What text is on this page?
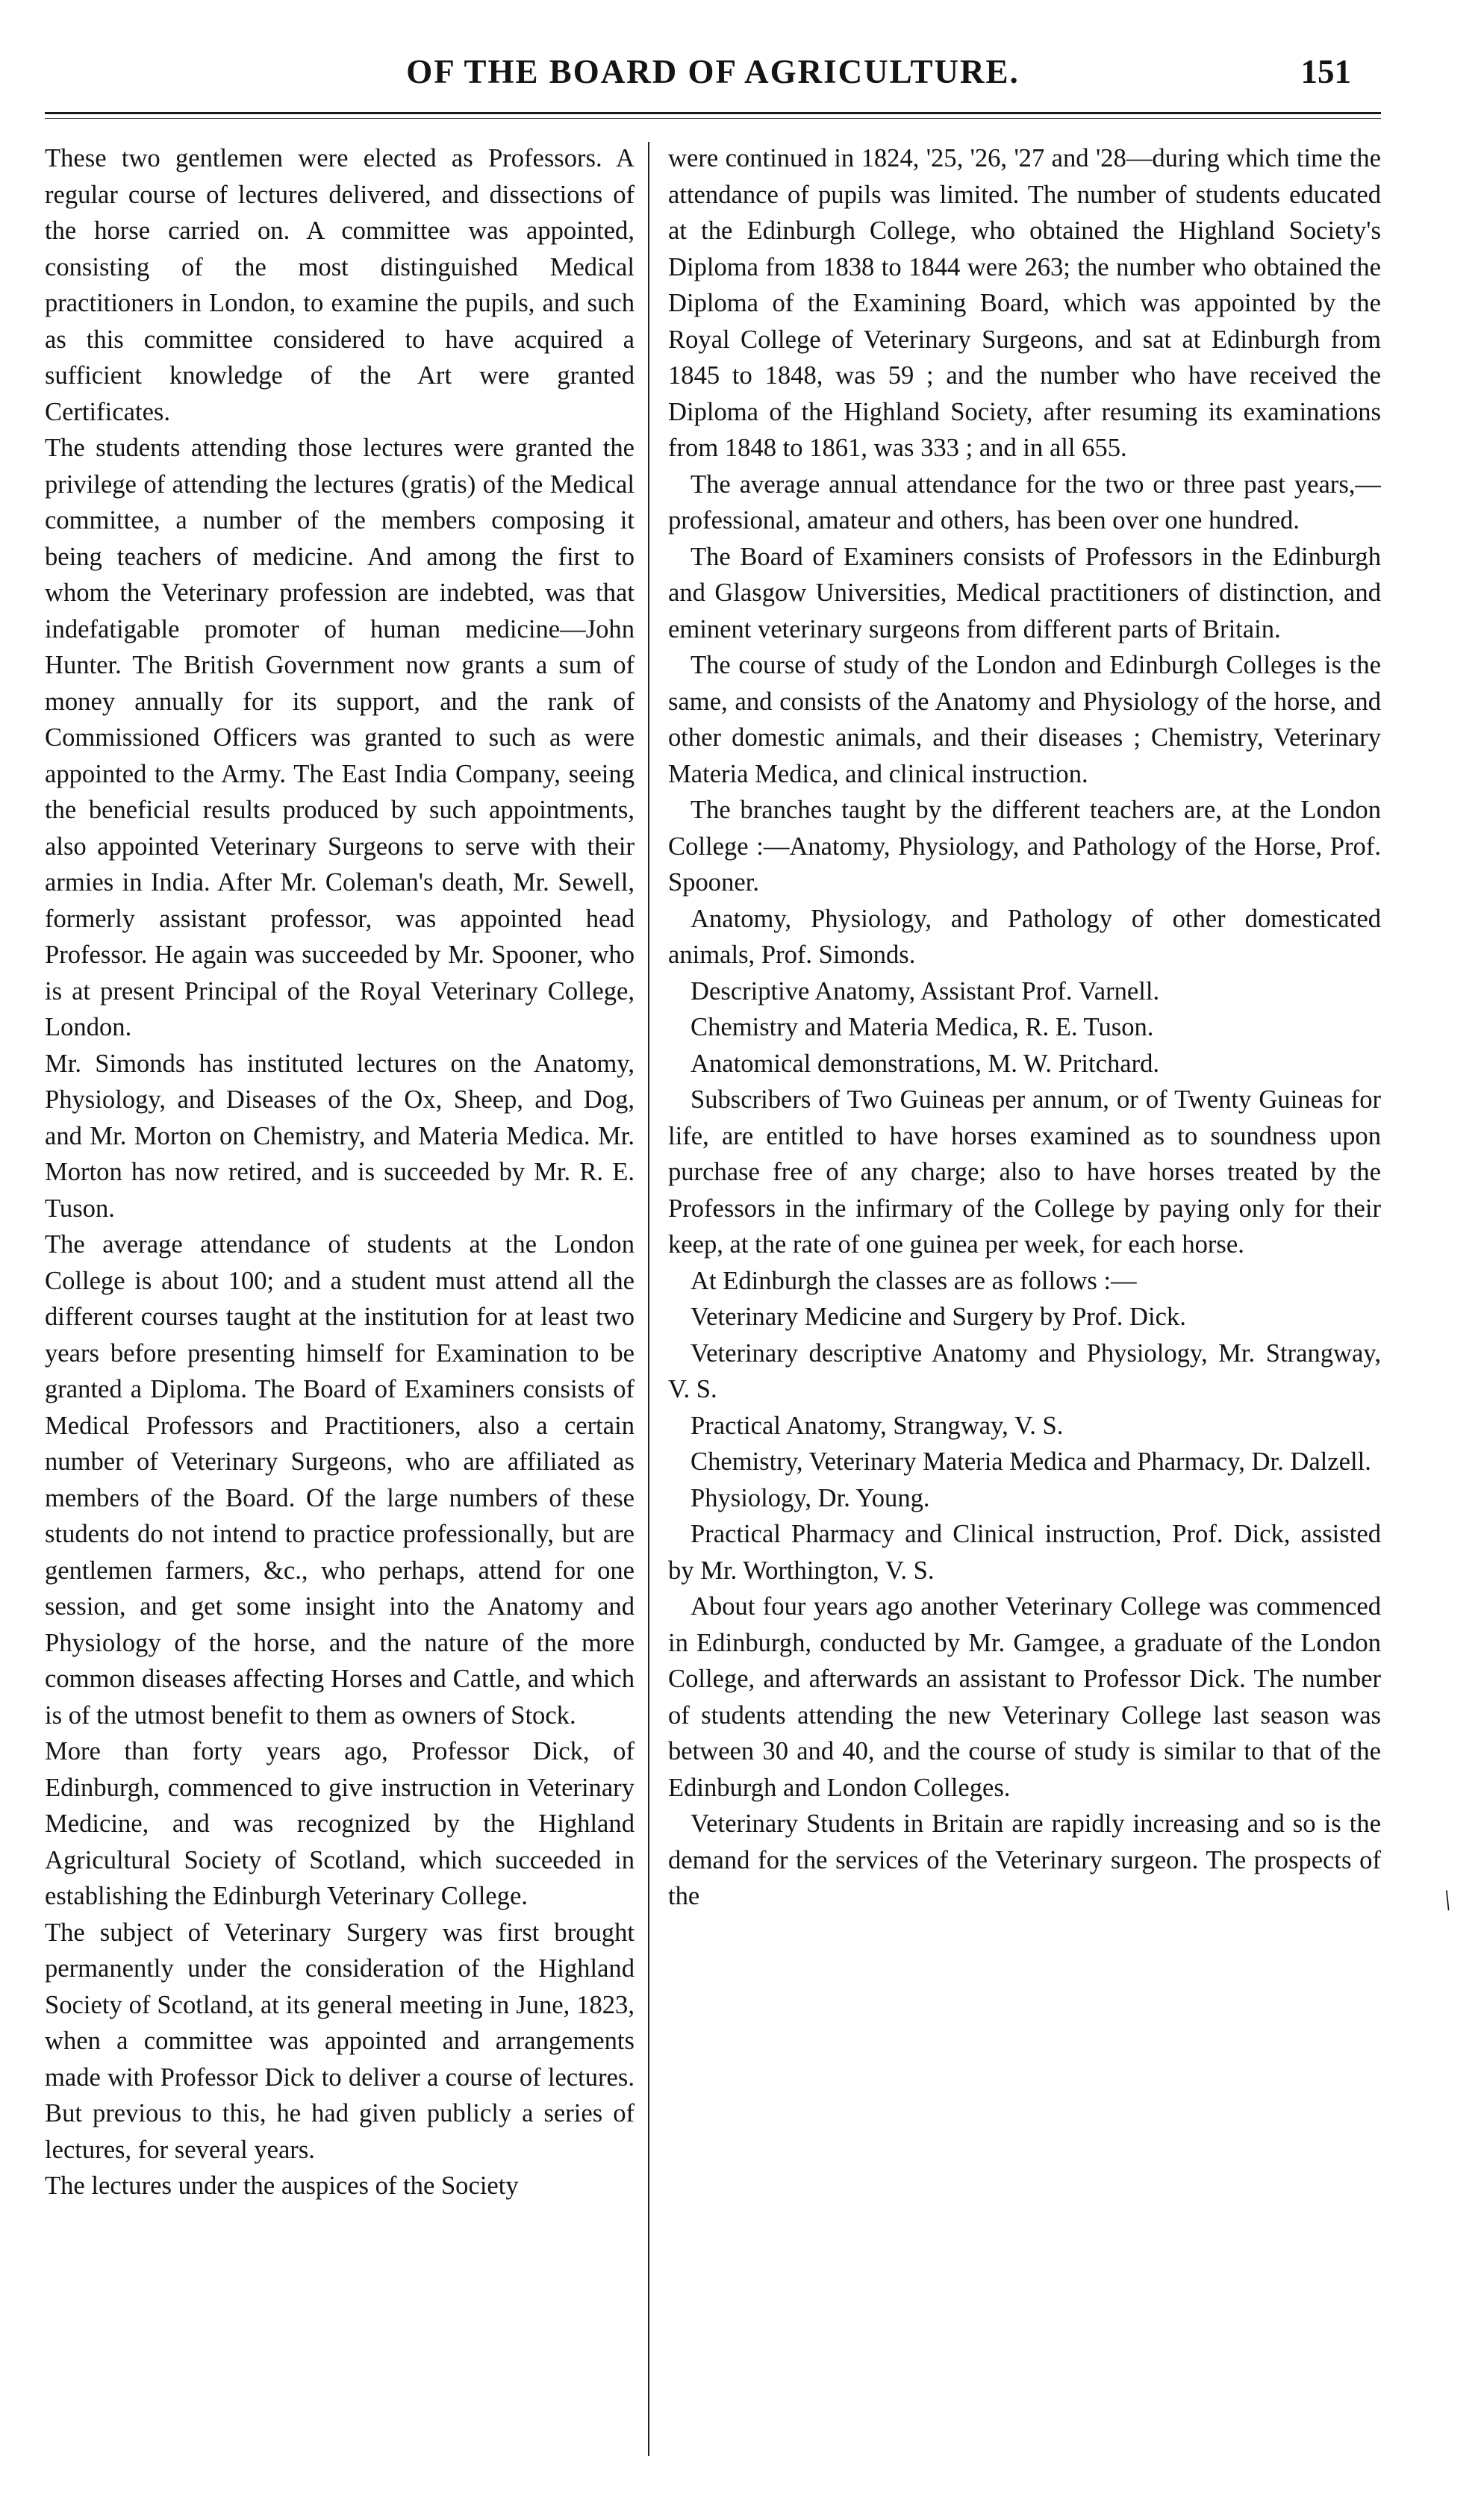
OF THE BOARD OF AGRICULTURE.	151

These two gentlemen were elected as Professors. A regular course of lectures delivered, and dissections of the horse carried on. A committee was appointed, consisting of the most distinguished Medical practitioners in London, to examine the pupils, and such as this committee considered to have acquired a sufficient knowledge of the Art were granted Certificates.

The students attending those lectures were granted the privilege of attending the lectures (gratis) of the Medical committee, a number of the members composing it being teachers of medicine. And among the first to whom the Veterinary profession are indebted, was that indefatigable promoter of human medicine—John Hunter. The British Government now grants a sum of money annually for its support, and the rank of Commissioned Officers was granted to such as were appointed to the Army. The East India Company, seeing the beneficial results produced by such appointments, also appointed Veterinary Surgeons to serve with their armies in India. After Mr. Coleman's death, Mr. Sewell, formerly assistant professor, was appointed head Professor. He again was succeeded by Mr. Spooner, who is at present Principal of the Royal Veterinary College, London.

Mr. Simonds has instituted lectures on the Anatomy, Physiology, and Diseases of the Ox, Sheep, and Dog, and Mr. Morton on Chemistry, and Materia Medica. Mr. Morton has now retired, and is succeeded by Mr. R. E. Tuson.

The average attendance of students at the London College is about 100; and a student must attend all the different courses taught at the institution for at least two years before presenting himself for Examination to be granted a Diploma. The Board of Examiners consists of Medical Professors and Practitioners, also a certain number of Veterinary Surgeons, who are affiliated as members of the Board. Of the large numbers of these students do not intend to practice professionally, but are gentlemen farmers, &c., who perhaps, attend for one session, and get some insight into the Anatomy and Physiology of the horse, and the nature of the more common diseases affecting Horses and Cattle, and which is of the utmost benefit to them as owners of Stock.

More than forty years ago, Professor Dick, of Edinburgh, commenced to give instruction in Veterinary Medicine, and was recognized by the Highland Agricultural Society of Scotland, which succeeded in establishing the Edinburgh Veterinary College.

The subject of Veterinary Surgery was first brought permanently under the consideration of the Highland Society of Scotland, at its general meeting in June, 1823, when a committee was appointed and arrangements made with Professor Dick to deliver a course of lectures. But previous to this, he had given publicly a series of lectures, for several years.

The lectures under the auspices of the Society

were continued in 1824, '25, '26, '27 and '28—during which time the attendance of pupils was limited. The number of students educated at the Edinburgh College, who obtained the Highland Society's Diploma from 1838 to 1844 were 263; the number who obtained the Diploma of the Examining Board, which was appointed by the Royal College of Veterinary Surgeons, and sat at Edinburgh from 1845 to 1848, was 59 ; and the number who have received the Diploma of the Highland Society, after resuming its examinations from 1848 to 1861, was 333 ; and in all 655.

The average annual attendance for the two or three past years,—professional, amateur and others, has been over one hundred.

The Board of Examiners consists of Professors in the Edinburgh and Glasgow Universities, Medical practitioners of distinction, and eminent veterinary surgeons from different parts of Britain.

The course of study of the London and Edinburgh Colleges is the same, and consists of the Anatomy and Physiology of the horse, and other domestic animals, and their diseases ; Chemistry, Veterinary Materia Medica, and clinical instruction.

The branches taught by the different teachers are, at the London College :—Anatomy, Physiology, and Pathology of the Horse, Prof. Spooner.

Anatomy, Physiology, and Pathology of other domesticated animals, Prof. Simonds.

Descriptive Anatomy, Assistant Prof. Varnell.

Chemistry and Materia Medica, R. E. Tuson.

Anatomical demonstrations, M. W. Pritchard.

Subscribers of Two Guineas per annum, or of Twenty Guineas for life, are entitled to have horses examined as to soundness upon purchase free of any charge; also to have horses treated by the Professors in the infirmary of the College by paying only for their keep, at the rate of one guinea per week, for each horse.

At Edinburgh the classes are as follows :—

Veterinary Medicine and Surgery by Prof. Dick.

Veterinary descriptive Anatomy and Physiology, Mr. Strangway, V. S.

Practical Anatomy, Strangway, V. S.

Chemistry, Veterinary Materia Medica and Pharmacy, Dr. Dalzell.

Physiology, Dr. Young.

Practical Pharmacy and Clinical instruction, Prof. Dick, assisted by Mr. Worthington, V. S.

About four years ago another Veterinary College was commenced in Edinburgh, conducted by Mr. Gamgee, a graduate of the London College, and afterwards an assistant to Professor Dick. The number of students attending the new Veterinary College last season was between 30 and 40, and the course of study is similar to that of the Edinburgh and London Colleges.

Veterinary Students in Britain are rapidly increasing and so is the demand for the services of the Veterinary surgeon. The prospects of the	/
